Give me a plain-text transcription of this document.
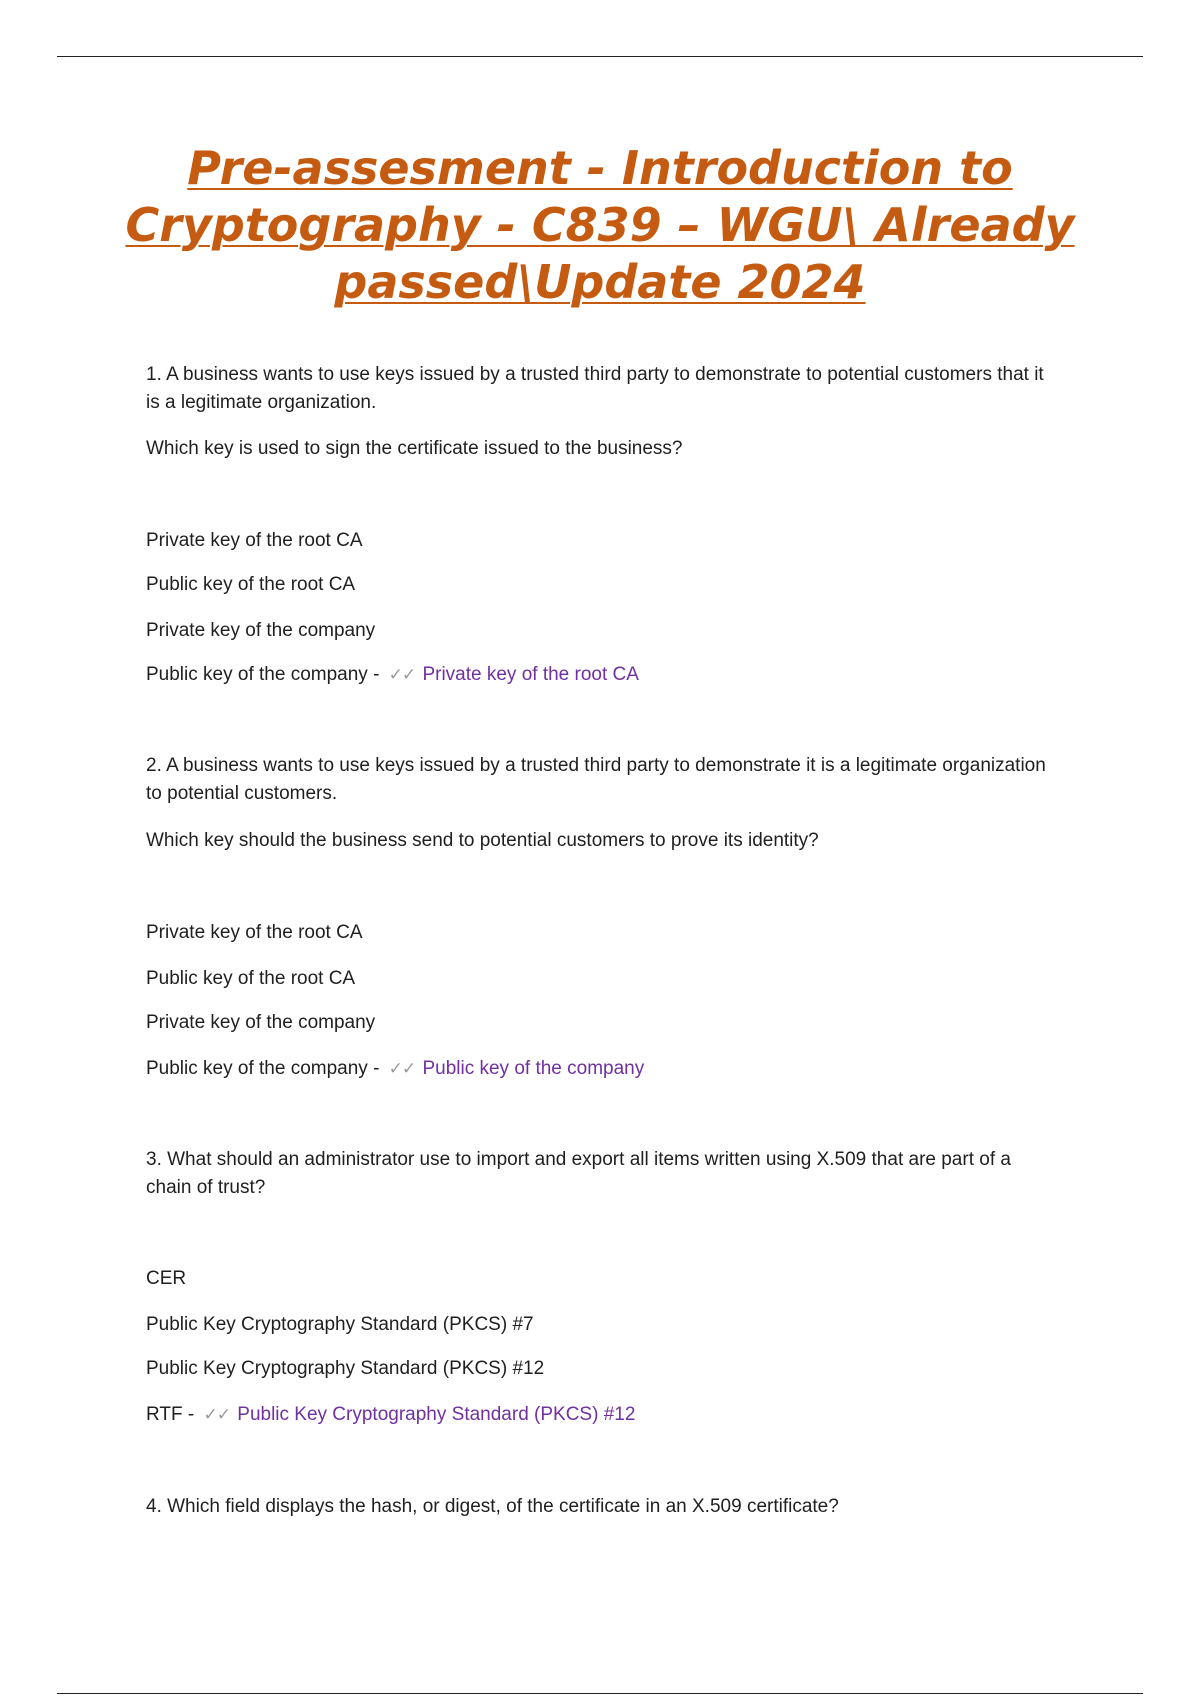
Pre-assesment - Introduction to Cryptography - C839 – WGU\ Already passed\Update 2024
1. A business wants to use keys issued by a trusted third party to demonstrate to potential customers that it is a legitimate organization.
Which key is used to sign the certificate issued to the business?
Private key of the root CA
Public key of the root CA
Private key of the company
Public key of the company - ✓✓ Private key of the root CA
2. A business wants to use keys issued by a trusted third party to demonstrate it is a legitimate organization to potential customers.
Which key should the business send to potential customers to prove its identity?
Private key of the root CA
Public key of the root CA
Private key of the company
Public key of the company - ✓✓ Public key of the company
3. What should an administrator use to import and export all items written using X.509 that are part of a chain of trust?
CER
Public Key Cryptography Standard (PKCS) #7
Public Key Cryptography Standard (PKCS) #12
RTF - ✓✓ Public Key Cryptography Standard (PKCS) #12
4. Which field displays the hash, or digest, of the certificate in an X.509 certificate?
